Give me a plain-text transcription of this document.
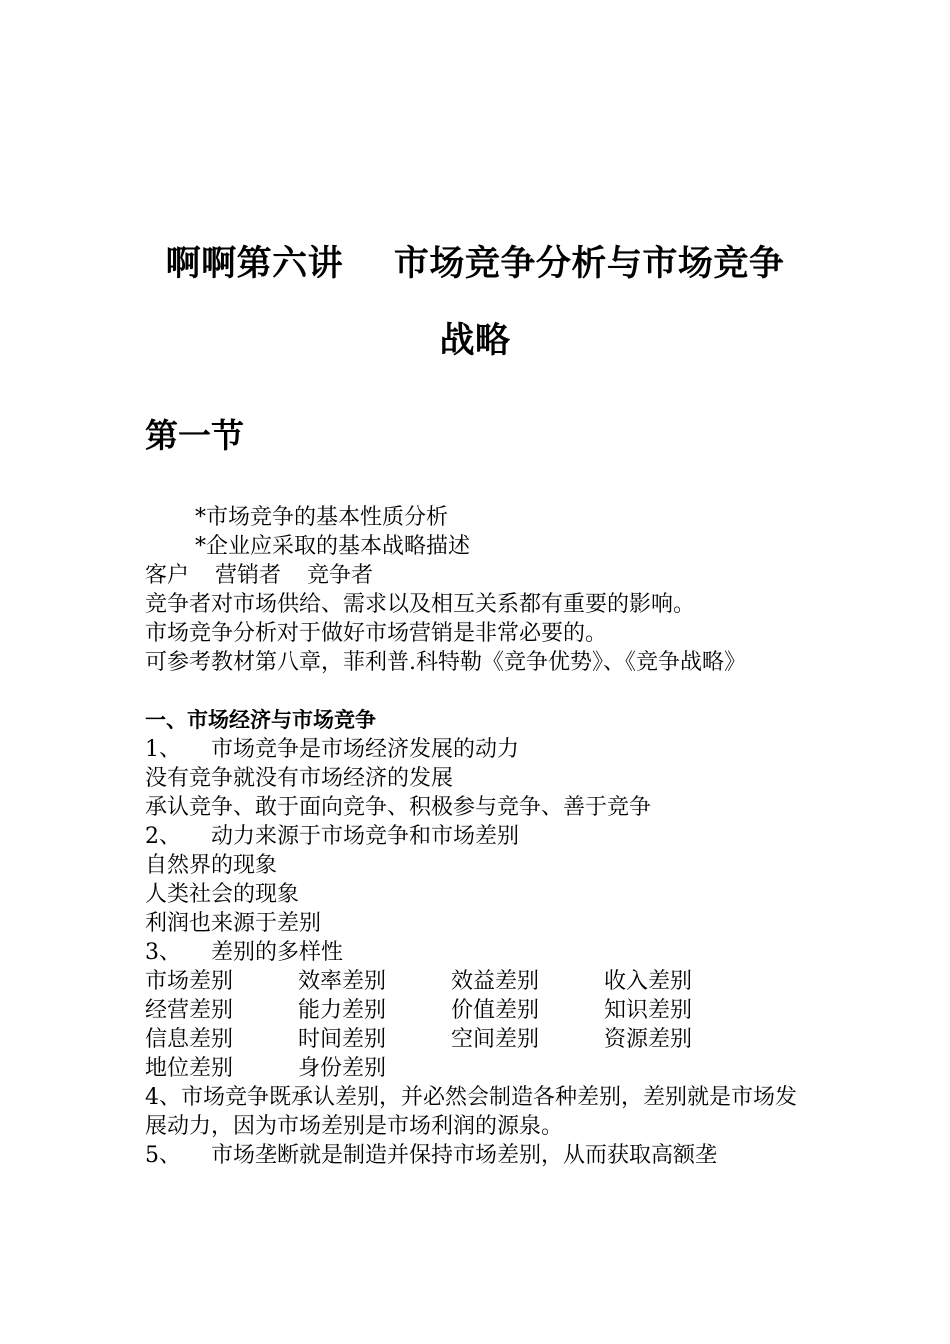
啊啊第六讲    市场竞争分析与市场竞争
战略
第一节
*市场竞争的基本性质分析
*企业应采取的基本战略描述
客户 营销者 竞争者
竞争者对市场供给、需求以及相互关系都有重要的影响。
市场竞争分析对于做好市场营销是非常必要的。
可参考教材第八章，菲利普.科特勒《竞争优势》、《竞争战略》
一、市场经济与市场竞争
1、 市场竞争是市场经济发展的动力
没有竞争就没有市场经济的发展
承认竞争、敢于面向竞争、积极参与竞争、善于竞争
2、 动力来源于市场竞争和市场差别
自然界的现象
人类社会的现象
利润也来源于差别
3、 差别的多样性
市场差别	效率差别	效益差别	收入差别
经营差别	能力差别	价值差别	知识差别
信息差别	时间差别	空间差别	资源差别
地位差别	身份差别
4、市场竞争既承认差别，并必然会制造各种差别，差别就是市场发展动力，因为市场差别是市场利润的源泉。
5、 市场垄断就是制造并保持市场差别，从而获取高额垄
